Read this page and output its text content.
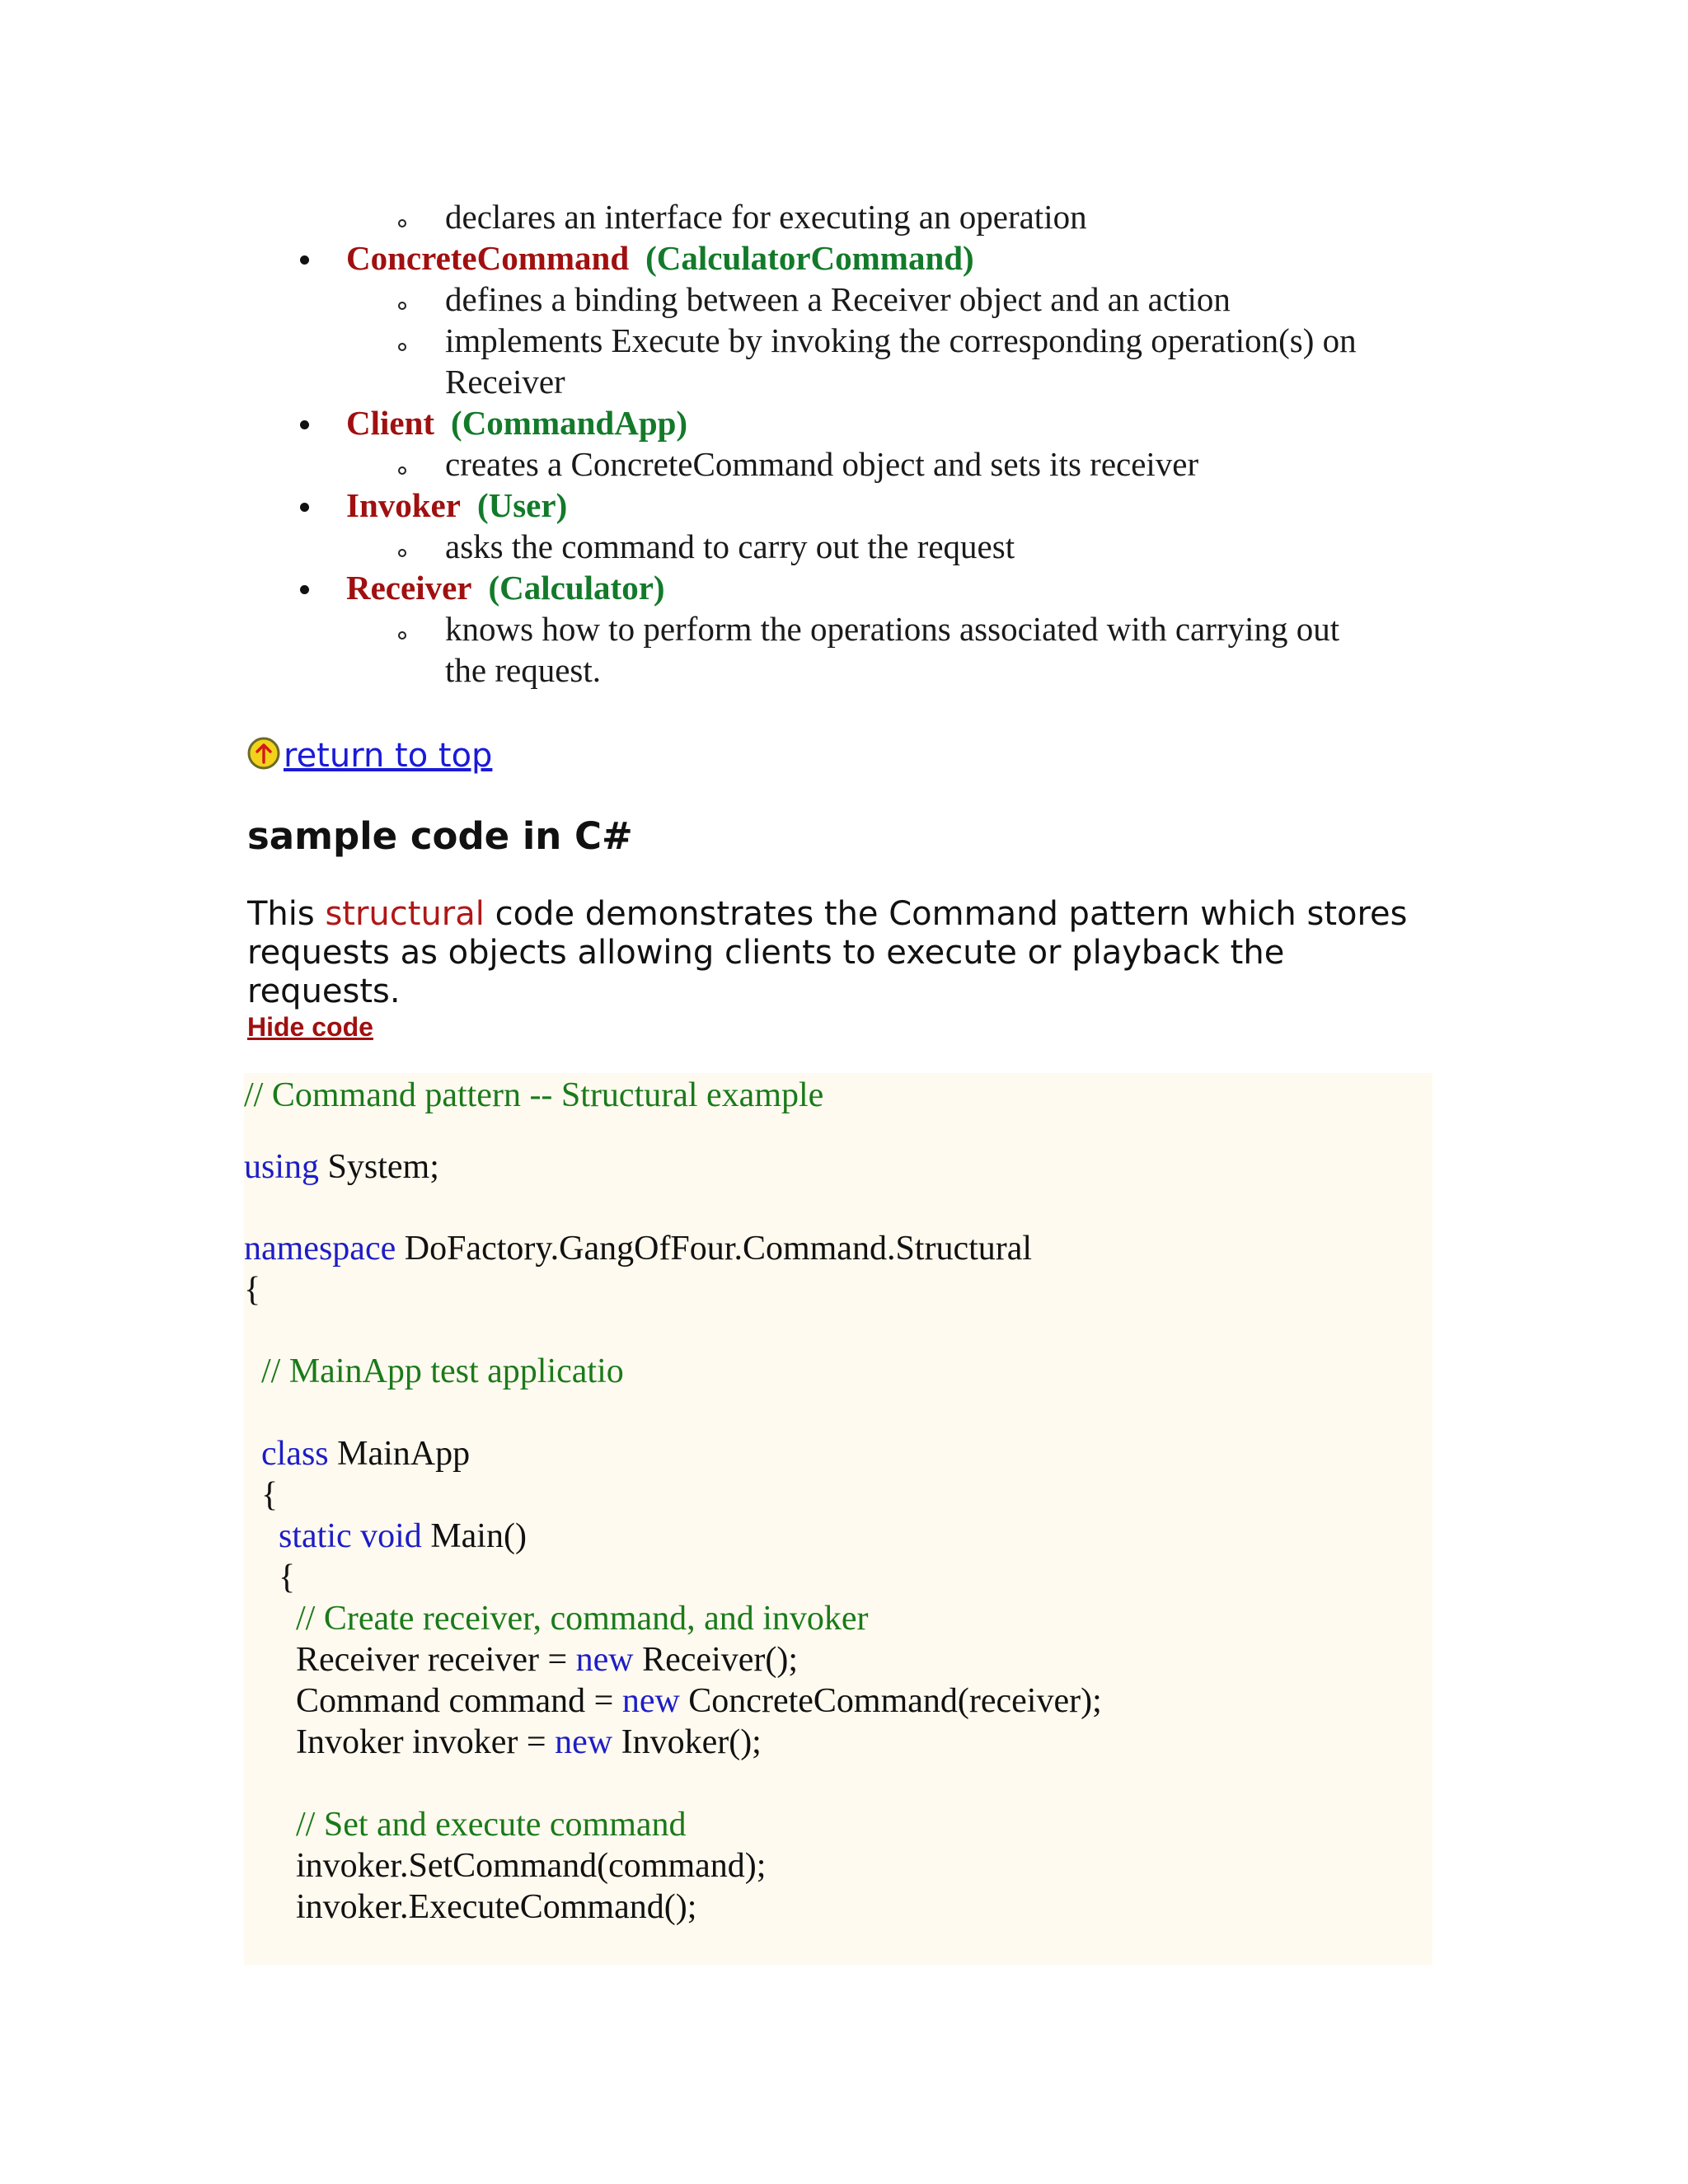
declares an interface for executing an operation
ConcreteCommand (CalculatorCommand)
defines a binding between a Receiver object and an action
implements Execute by invoking the corresponding operation(s) on
Receiver
Client (CommandApp)
creates a ConcreteCommand object and sets its receiver
Invoker (User)
asks the command to carry out the request
Receiver (Calculator)
knows how to perform the operations associated with carrying out
the request.
return to top
sample code in C#

This structural code demonstrates the Command pattern which stores requests as objects allowing clients to execute or playback the requests.

Hide code
// Command pattern -- Structural example
using System;
namespace DoFactory.GangOfFour.Command.Structural
{
// MainApp test applicatio
class MainApp
{
static void Main()
{
// Create receiver, command, and invoker
Receiver receiver = new Receiver();
Command command = new ConcreteCommand(receiver);
Invoker invoker = new Invoker();
// Set and execute command
invoker.SetCommand(command);
invoker.ExecuteCommand();
